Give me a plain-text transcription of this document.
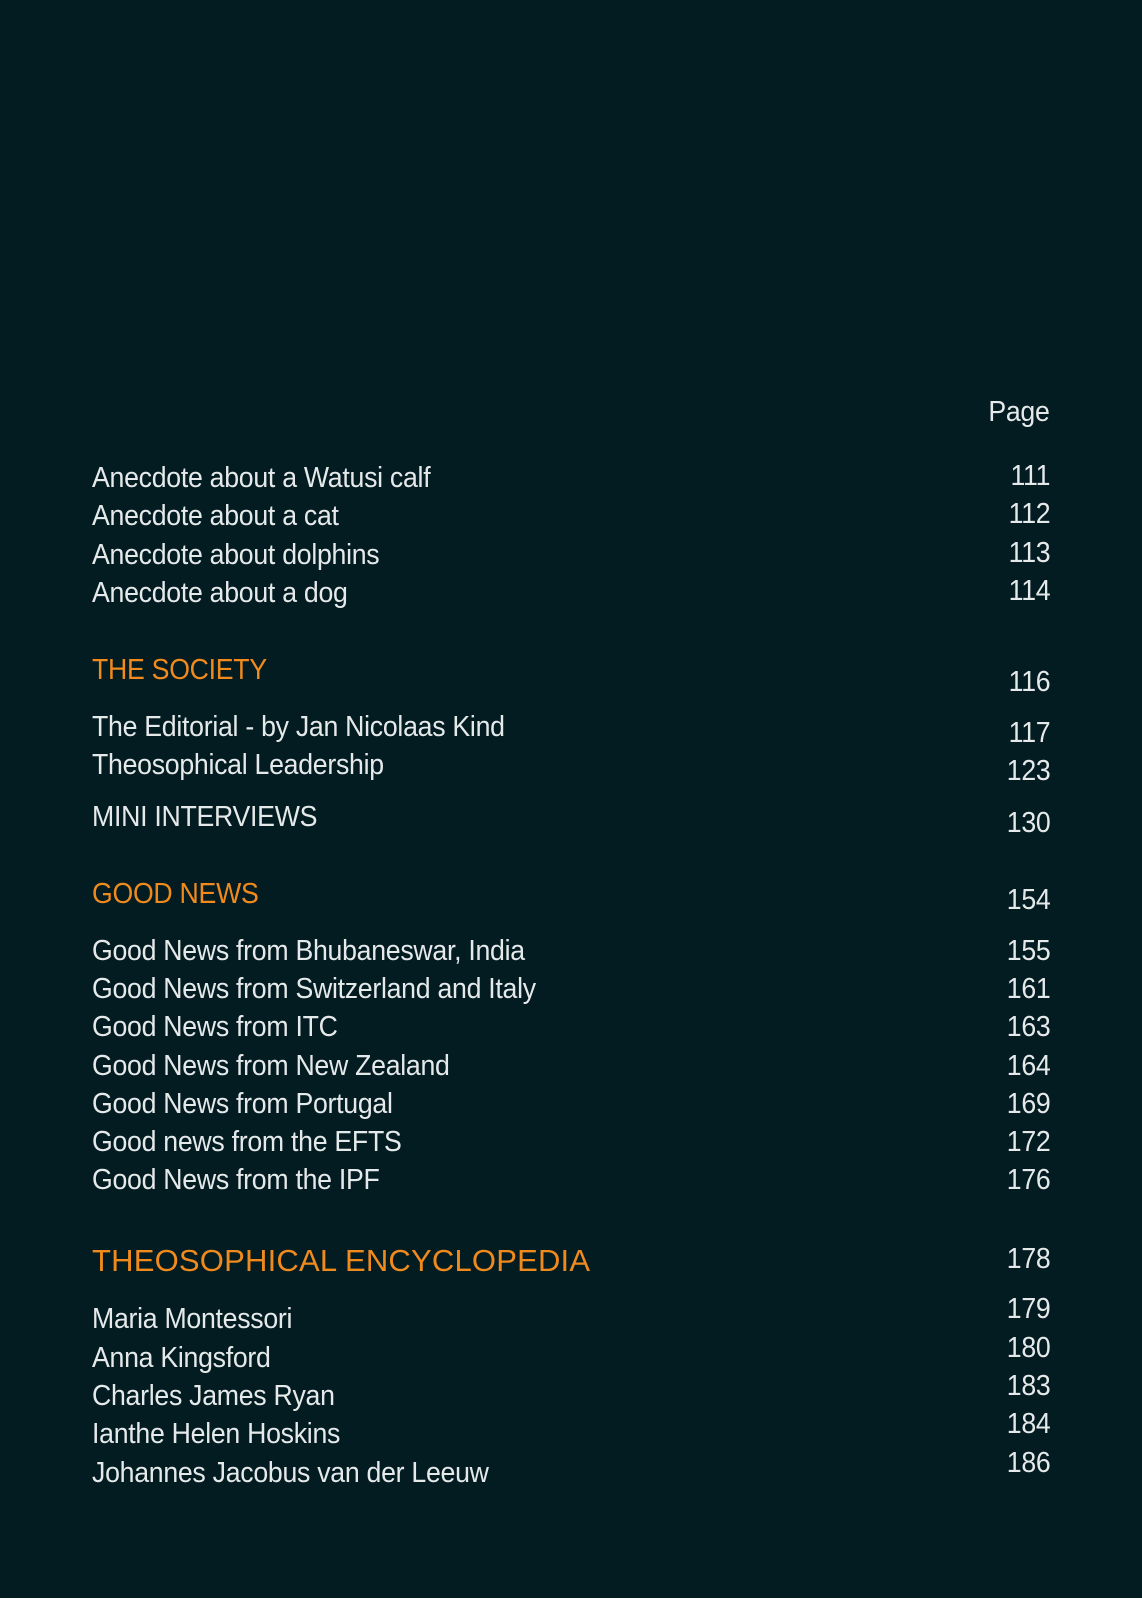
Page
Anecdote about a Watusi calf	111
Anecdote about a cat	112
Anecdote about dolphins	113
Anecdote about a dog	114
THE SOCIETY	116
The Editorial - by Jan Nicolaas Kind	117
Theosophical Leadership	123
MINI INTERVIEWS	130
GOOD NEWS	154
Good News from Bhubaneswar, India	155
Good News from Switzerland and Italy	161
Good News from ITC	163
Good News from New Zealand	164
Good News from Portugal	169
Good news from the EFTS	172
Good News from the IPF	176
THEOSOPHICAL ENCYCLOPEDIA	178
Maria Montessori	179
Anna Kingsford	180
Charles James Ryan	183
Ianthe Helen Hoskins	184
Johannes Jacobus van der Leeuw	186
